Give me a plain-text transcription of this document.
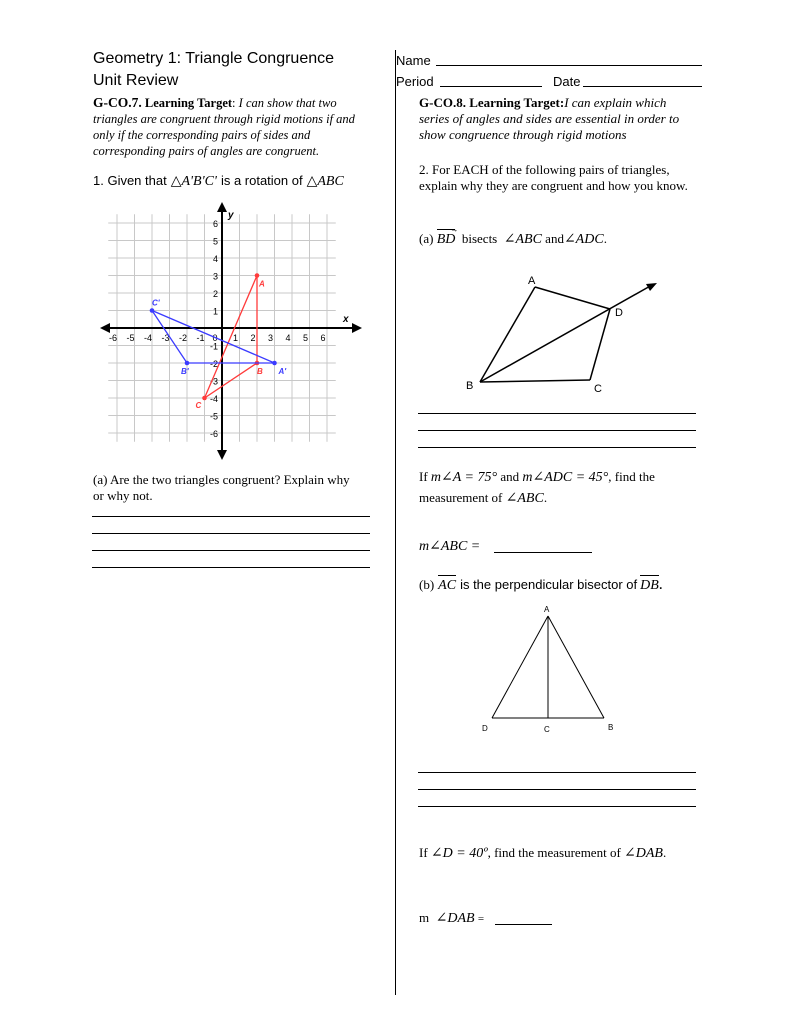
Geometry 1: Triangle Congruence
Unit Review
Name
Period	Date
G-CO.7. Learning Target: I can show that two triangles are congruent through rigid motions if and only if the corresponding pairs of sides and corresponding pairs of angles are congruent.
1. Given that △A'B'C' is a rotation of △ABC
x
y
-6 -5 -4 -3 -2 -1 0 1 2 3 4 5 6
6
5
4
3
2
1
-1
-2
-3
-4
-5
-6
A
B
C
C'
B'	A'
(a) Are the two triangles congruent? Explain why or why not.
G-CO.8. Learning Target:I can explain which series of angles and sides are essential in order to show congruence through rigid motions
2. For EACH of the following pairs of triangles, explain why they are congruent and how you know.
(a)
→
BD bisects ∠ABC and∠ADC.
A
D
B	C
If m∠A = 75° and m∠ADC = 45°, find the measurement of ∠ABC.
m∠ABC =
(b) AC is the perpendicular bisector of DB.
A
D	C	B
If ∠D = 40º, find the measurement of ∠DAB.
m ∠DAB =
